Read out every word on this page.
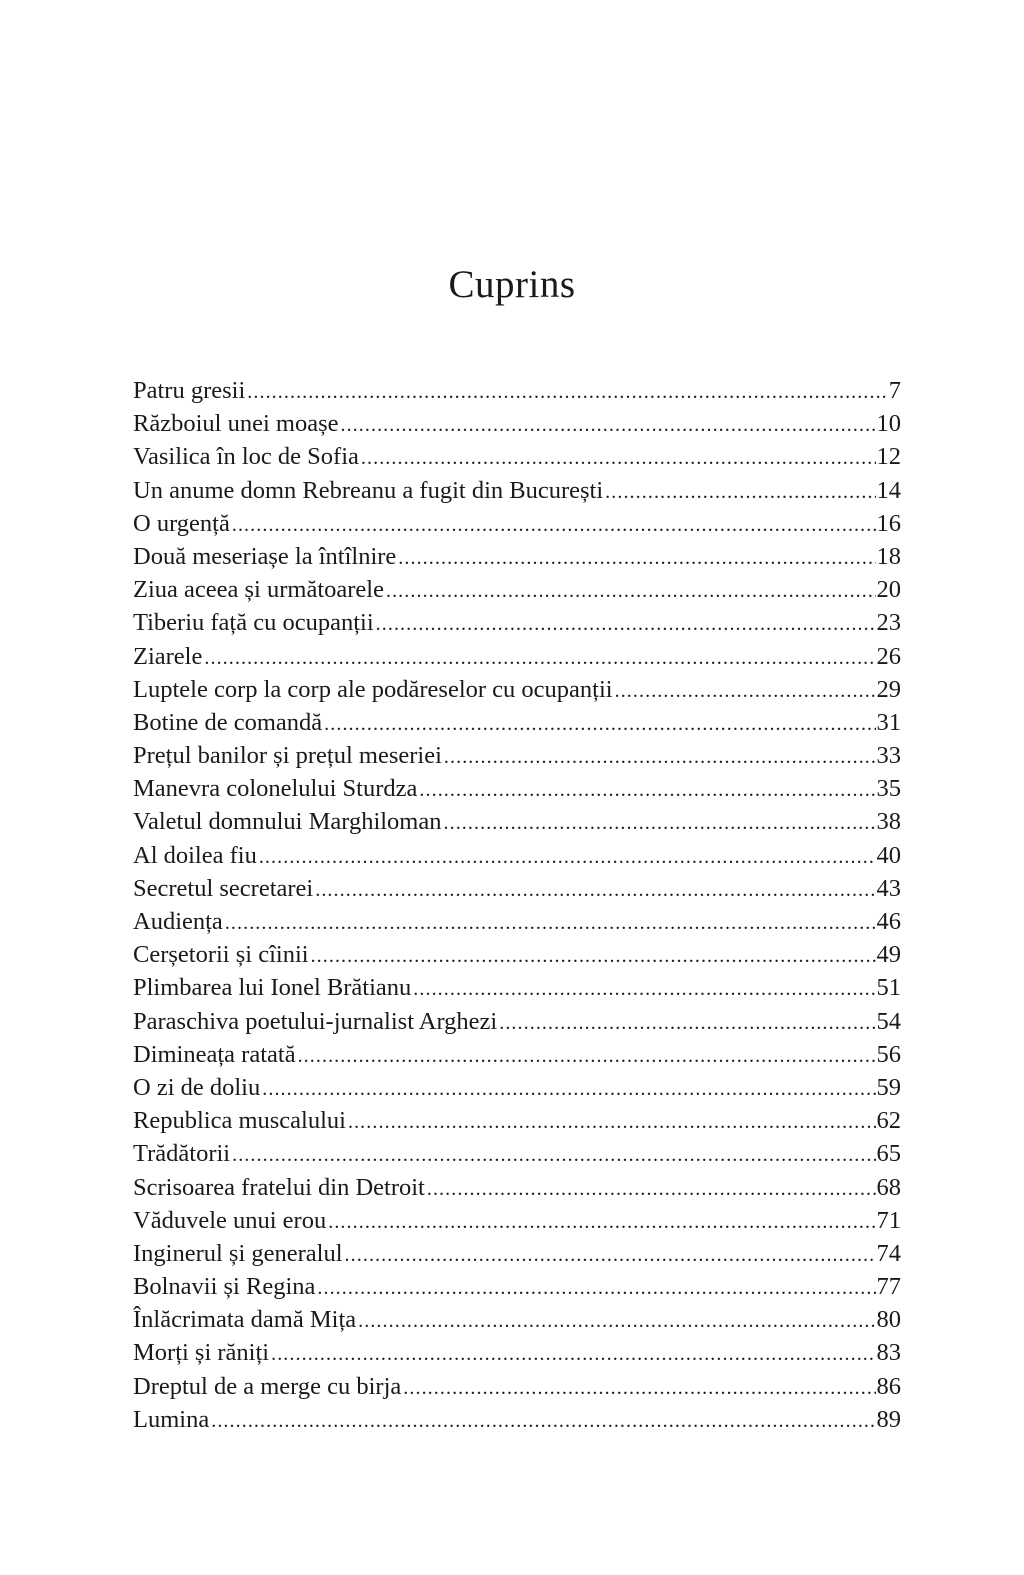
Cuprins
Patru gresii .....	7
Războiul unei moașe .....	10
Vasilica în loc de Sofia .....	12
Un anume domn Rebreanu a fugit din București .....	14
O urgență .....	16
Două meseriașe la întîlnire .....	18
Ziua aceea și următoarele .....	20
Tiberiu față cu ocupanții .....	23
Ziarele .....	26
Luptele corp la corp ale podăreselor cu ocupanții .....	29
Botine de comandă .....	31
Prețul banilor și prețul meseriei .....	33
Manevra colonelului Sturdza .....	35
Valetul domnului Marghiloman .....	38
Al doilea fiu .....	40
Secretul secretarei .....	43
Audiența .....	46
Cerșetorii și cîinii .....	49
Plimbarea lui Ionel Brătianu .....	51
Paraschiva poetului-jurnalist Arghezi .....	54
Dimineața ratată .....	56
O zi de doliu .....	59
Republica muscalului .....	62
Trădătorii .....	65
Scrisoarea fratelui din Detroit .....	68
Văduvele unui erou .....	71
Inginerul și generalul .....	74
Bolnavii și Regina .....	77
Înlăcrimata damă Mița .....	80
Morți și răniți .....	83
Dreptul de a merge cu birja .....	86
Lumina .....	89
